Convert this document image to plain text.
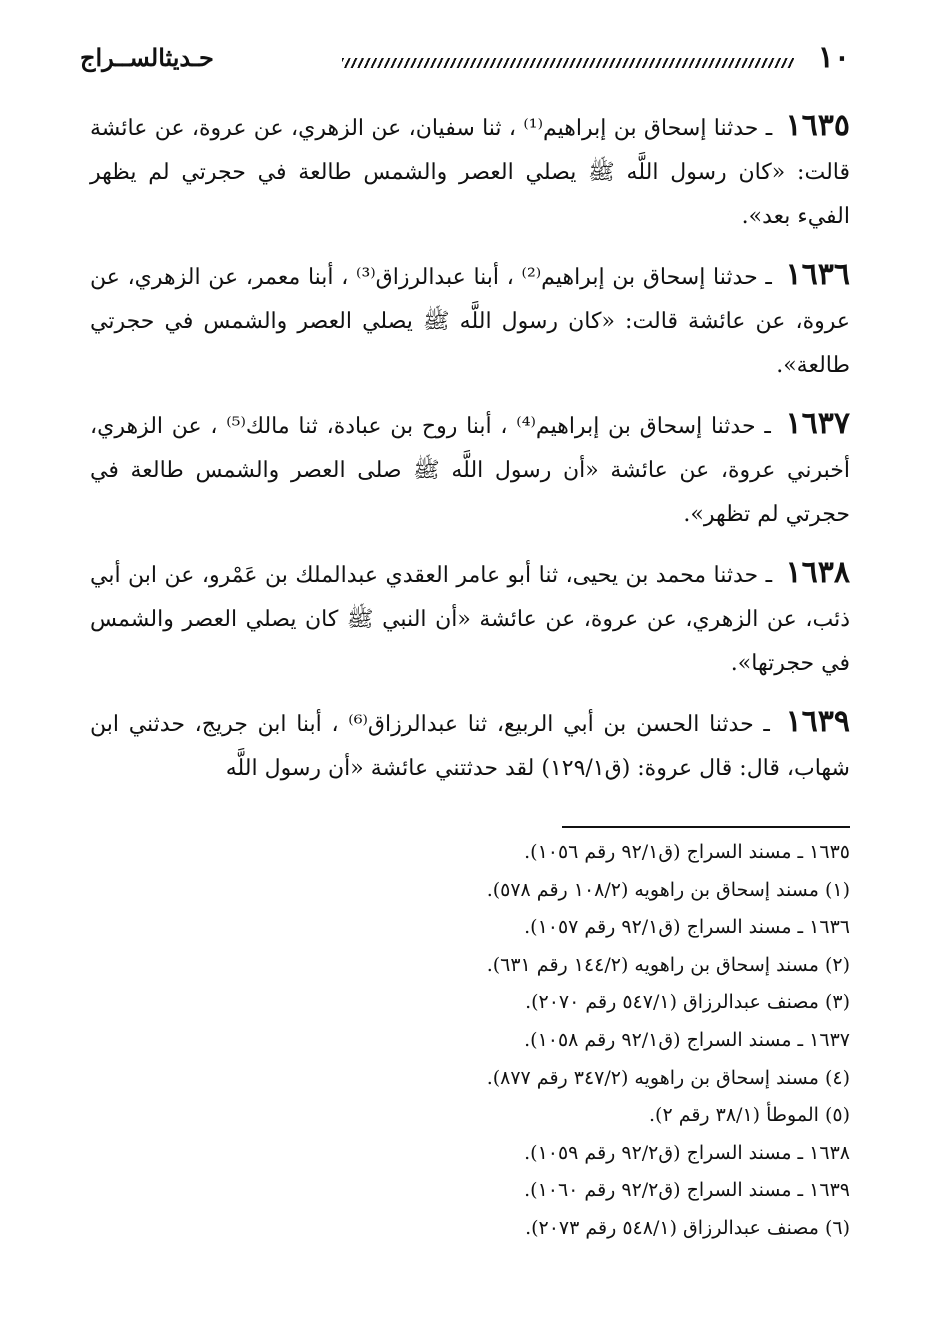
١٠
حـديثالســراج

١٦٣٥ ـ حدثنا إسحاق بن إبراهيم⁽¹⁾ ، ثنا سفيان، عن الزهري، عن عروة، عن عائشة قالت: «كان رسول اللَّه ﷺ يصلي العصر والشمس طالعة في حجرتي لم يظهر الفيء بعد».

١٦٣٦ ـ حدثنا إسحاق بن إبراهيم⁽²⁾ ، أبنا عبدالرزاق⁽³⁾ ، أبنا معمر، عن الزهري، عن عروة، عن عائشة قالت: «كان رسول اللَّه ﷺ يصلي العصر والشمس في حجرتي طالعة».

١٦٣٧ ـ حدثنا إسحاق بن إبراهيم⁽⁴⁾ ، أبنا روح بن عبادة، ثنا مالك⁽⁵⁾ ، عن الزهري، أخبرني عروة، عن عائشة «أن رسول اللَّه ﷺ صلى العصر والشمس طالعة في حجرتي لم تظهر».

١٦٣٨ ـ حدثنا محمد بن يحيى، ثنا أبو عامر العقدي عبدالملك بن عَمْرو، عن ابن أبي ذئب، عن الزهري، عن عروة، عن عائشة «أن النبي ﷺ كان يصلي العصر والشمس في حجرتها».

١٦٣٩ ـ حدثنا الحسن بن أبي الربيع، ثنا عبدالرزاق⁽⁶⁾ ، أبنا ابن جريج، حدثني ابن شهاب، قال: قال عروة: (ق١٢٩/١) لقد حدثتني عائشة «أن رسول اللَّه

١٦٣٥ ـ مسند السراج (ق٩٢/١ رقم ١٠٥٦).
(١) مسند إسحاق بن راهويه (١٠٨/٢ رقم ٥٧٨).
١٦٣٦ ـ مسند السراج (ق٩٢/١ رقم ١٠٥٧).
(٢) مسند إسحاق بن راهويه (١٤٤/٢ رقم ٦٣١).
(٣) مصنف عبدالرزاق (٥٤٧/١ رقم ٢٠٧٠).
١٦٣٧ ـ مسند السراج (ق٩٢/١ رقم ١٠٥٨).
(٤) مسند إسحاق بن راهويه (٣٤٧/٢ رقم ٨٧٧).
(٥) الموطأ (٣٨/١ رقم ٢).
١٦٣٨ ـ مسند السراج (ق٩٢/٢ رقم ١٠٥٩).
١٦٣٩ ـ مسند السراج (ق٩٢/٢ رقم ١٠٦٠).
(٦) مصنف عبدالرزاق (٥٤٨/١ رقم ٢٠٧٣).
